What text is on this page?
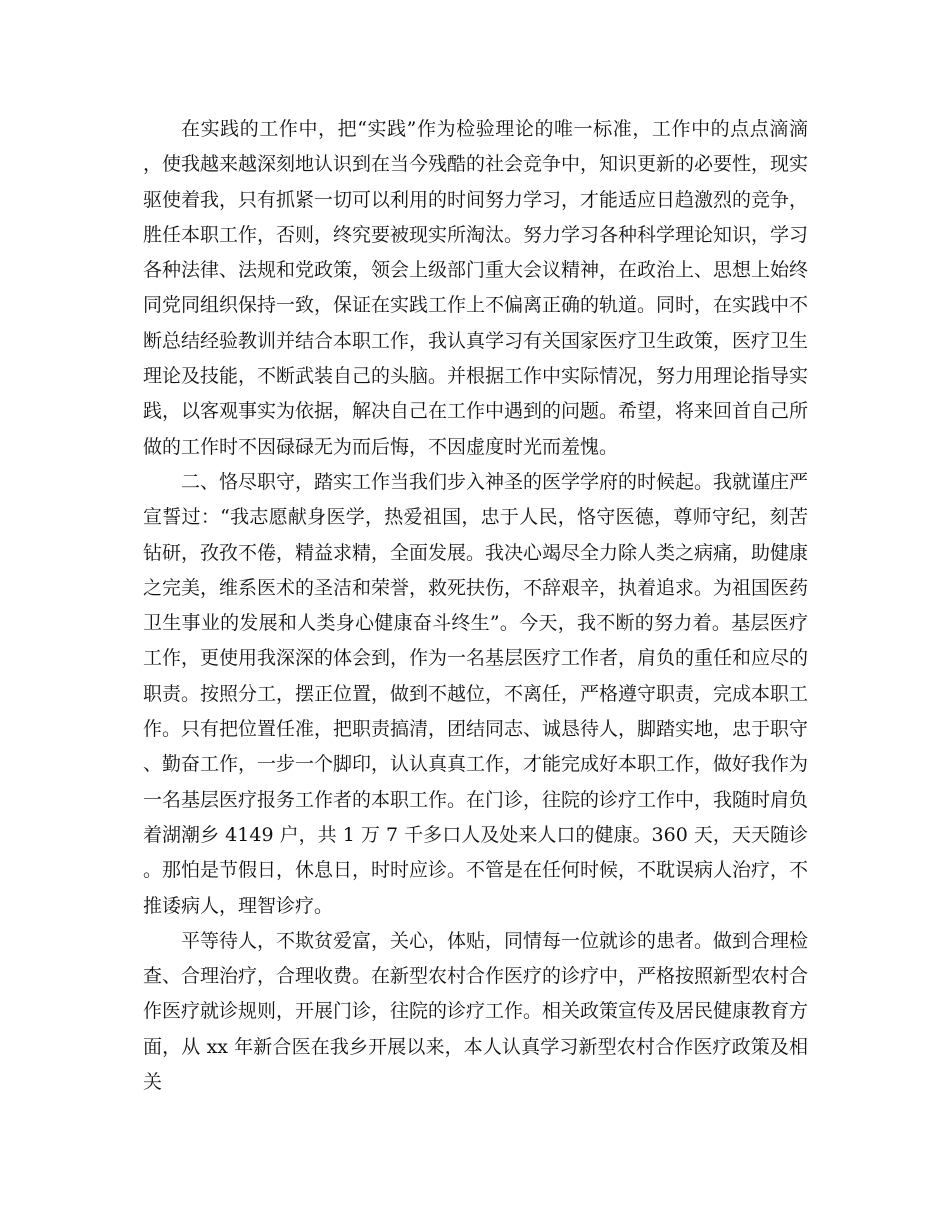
在实践的工作中，把“实践”作为检验理论的唯一标准，工作中的点点滴滴，使我越来越深刻地认识到在当今残酷的社会竞争中，知识更新的必要性，现实驱使着我，只有抓紧一切可以利用的时间努力学习，才能适应日趋激烈的竞争，胜任本职工作，否则，终究要被现实所淘汰。努力学习各种科学理论知识，学习各种法律、法规和党政策，领会上级部门重大会议精神，在政治上、思想上始终同党同组织保持一致，保证在实践工作上不偏离正确的轨道。同时，在实践中不断总结经验教训并结合本职工作，我认真学习有关国家医疗卫生政策，医疗卫生理论及技能，不断武装自己的头脑。并根据工作中实际情况，努力用理论指导实践，以客观事实为依据，解决自己在工作中遇到的问题。希望，将来回首自己所做的工作时不因碌碌无为而后悔，不因虚度时光而羞愧。

二、恪尽职守，踏实工作当我们步入神圣的医学学府的时候起。我就谨庄严宣誓过：“我志愿献身医学，热爱祖国，忠于人民，恪守医德，尊师守纪，刻苦钻研，孜孜不倦，精益求精，全面发展。我决心竭尽全力除人类之病痛，助健康之完美，维系医术的圣洁和荣誉，救死扶伤，不辞艰辛，执着追求。为祖国医药卫生事业的发展和人类身心健康奋斗终生”。今天，我不断的努力着。基层医疗工作，更使用我深深的体会到，作为一名基层医疗工作者，肩负的重任和应尽的职责。按照分工，摆正位置，做到不越位，不离任，严格遵守职责，完成本职工作。只有把位置任准，把职责搞清，团结同志、诚恳待人，脚踏实地，忠于职守、勤奋工作，一步一个脚印，认认真真工作，才能完成好本职工作，做好我作为一名基层医疗报务工作者的本职工作。在门诊，往院的诊疗工作中，我随时肩负着湖潮乡 4149 户，共 1 万 7 千多口人及处来人口的健康。360 天，天天随诊。那怕是节假日，休息日，时时应诊。不管是在任何时候，不耽误病人治疗，不推诿病人，理智诊疗。

平等待人，不欺贫爱富，关心，体贴，同情每一位就诊的患者。做到合理检查、合理治疗，合理收费。在新型农村合作医疗的诊疗中，严格按照新型农村合作医疗就诊规则，开展门诊，往院的诊疗工作。相关政策宣传及居民健康教育方面，从 xx 年新合医在我乡开展以来，本人认真学习新型农村合作医疗政策及相关
